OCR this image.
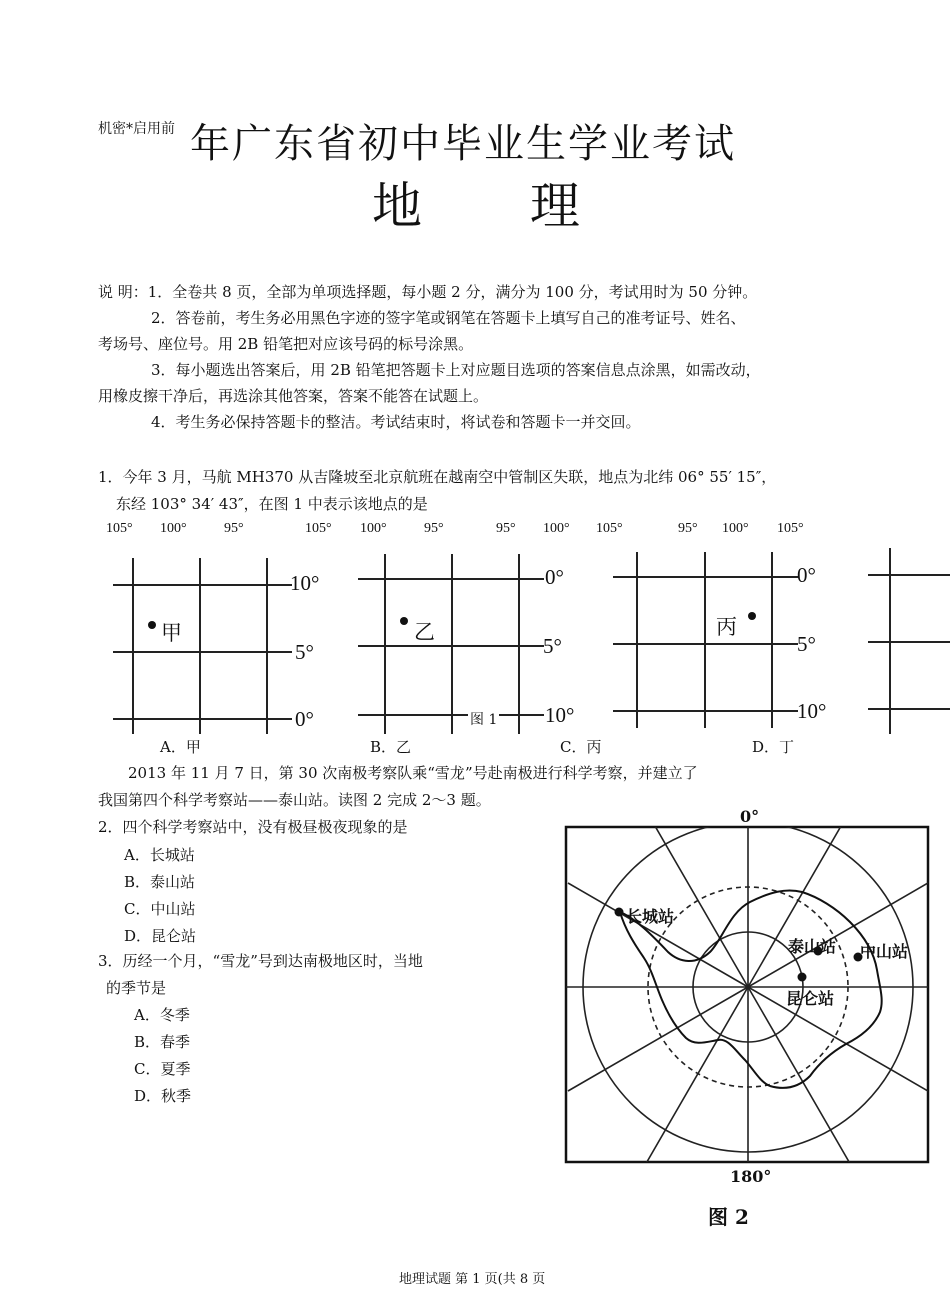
机密*启用前 年广东省初中毕业生学业考试
地 理
说 明：1．全卷共 8 页，全部为单项选择题，每小题 2 分，满分为 100 分，考试用时为 50 分钟。
2．答卷前，考生务必用黑色字迹的签字笔或钢笔在答题卡上填写自己的准考证号、姓名、
考场号、座位号。用 2B 铅笔把对应该号码的标号涂黑。
3．每小题选出答案后，用 2B 铅笔把答题卡上对应题目选项的答案信息点涂黑，如需改动，
用橡皮擦干净后，再选涂其他答案，答案不能答在试题上。
4．考生务必保持答题卡的整洁。考试结束时，将试卷和答题卡一并交回。
1．今年 3 月，马航 MH370 从吉隆坡至北京航班在越南空中管制区失联，地点为北纬 06° 55′ 15″，
东经 103° 34′ 43″，在图 1 中表示该地点的是
105° 100°	95°	105° 100°	95°	95° 100° 105°	95° 100° 105°
10°
5°
0°
0°
5°
10°
0°
5°
10°
甲	乙	丙
图 1
A．甲	B．乙	C．丙	D．丁
2013 年 11 月 7 日，第 30 次南极考察队乘“雪龙”号赴南极进行科学考察，并建立了
我国第四个科学考察站——泰山站。读图 2 完成 2～3 题。
2．四个科学考察站中，没有极昼极夜现象的是
A．长城站
B．泰山站
C．中山站
D．昆仑站
3．历经一个月，“雪龙”号到达南极地区时，当地
的季节是
A．冬季
B．春季
C．夏季
D．秋季
0°
180°
长城站
泰山站 中山站
昆仑站
图 2
地理试题 第 1 页(共 8 页
